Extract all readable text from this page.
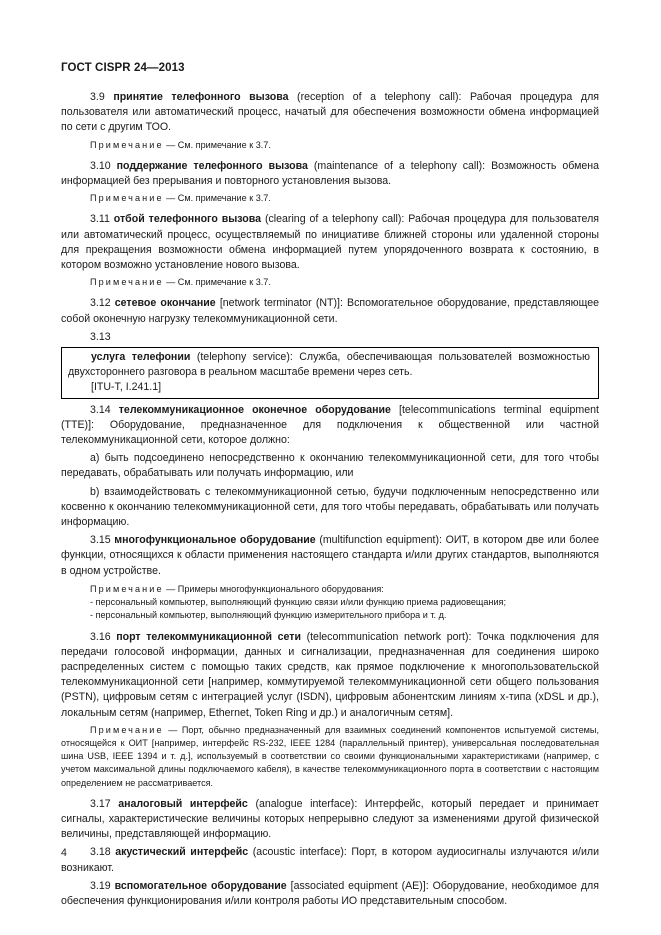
ГОСТ CISPR 24—2013

3.9 принятие телефонного вызова (reception of a telephony call): Рабочая процедура для пользователя или автоматический процесс, начатый для обеспечения возможности обмена информацией по сети с другим ТОО.

Примечание — См. примечание к 3.7.

3.10 поддержание телефонного вызова (maintenance of a telephony call): Возможность обмена информацией без прерывания и повторного установления вызова.

Примечание — См. примечание к 3.7.

3.11 отбой телефонного вызова (clearing of a telephony call): Рабочая процедура для пользователя или автоматический процесс, осуществляемый по инициативе ближней стороны или удаленной стороны для прекращения возможности обмена информацией путем упорядоченного возврата к состоянию, в котором возможно установление нового вызова.

Примечание — См. примечание к 3.7.

3.12 сетевое окончание [network terminator (NT)]: Вспомогательное оборудование, представляющее собой оконечную нагрузку телекоммуникационной сети.

3.13
услуга телефонии (telephony service): Служба, обеспечивающая пользователей возможностью двухстороннего разговора в реальном масштабе времени через сеть.
[ITU-T, I.241.1]

3.14 телекоммуникационное оконечное оборудование [telecommunications terminal equipment (TTE)]: Оборудование, предназначенное для подключения к общественной или частной телекоммуникационной сети, которое должно:

а) быть подсоединено непосредственно к окончанию телекоммуникационной сети, для того чтобы передавать, обрабатывать или получать информацию, или

b) взаимодействовать с телекоммуникационной сетью, будучи подключенным непосредственно или косвенно к окончанию телекоммуникационной сети, для того чтобы передавать, обрабатывать или получать информацию.

3.15 многофункциональное оборудование (multifunction equipment): ОИТ, в котором две или более функции, относящихся к области применения настоящего стандарта и/или других стандартов, выполняются в одном устройстве.

Примечание — Примеры многофункционального оборудования:
- персональный компьютер, выполняющий функцию связи и/или функцию приема радиовещания;
- персональный компьютер, выполняющий функцию измерительного прибора и т. д.

3.16 порт телекоммуникационной сети (telecommunication network port): Точка подключения для передачи голосовой информации, данных и сигнализации, предназначенная для соединения широко распределенных систем с помощью таких средств, как прямое подключение к многопользовательской телекоммуникационной сети [например, коммутируемой телекоммуникационной сети общего пользования (PSTN), цифровым сетям с интеграцией услуг (ISDN), цифровым абонентским линиям x-типа (xDSL и др.), локальным сетям (например, Ethernet, Token Ring и др.) и аналогичным сетям].

Примечание — Порт, обычно предназначенный для взаимных соединений компонентов испытуемой системы, относящейся к ОИТ [например, интерфейс RS-232, IEEE 1284 (параллельный принтер), универсальная последовательная шина USB, IEEE 1394 и т. д.], используемый в соответствии со своими функциональными характеристиками (например, с учетом максимальной длины подключаемого кабеля), в качестве телекоммуникационного порта в соответствии с настоящим определением не рассматривается.

3.17 аналоговый интерфейс (analogue interface): Интерфейс, который передает и принимает сигналы, характеристические величины которых непрерывно следуют за изменениями другой физической величины, представляющей информацию.

3.18 акустический интерфейс (acoustic interface): Порт, в котором аудиосигналы излучаются и/или возникают.

3.19 вспомогательное оборудование [associated equipment (AE)]: Оборудование, необходимое для обеспечения функционирования и/или контроля работы ИО представительным способом.

4
